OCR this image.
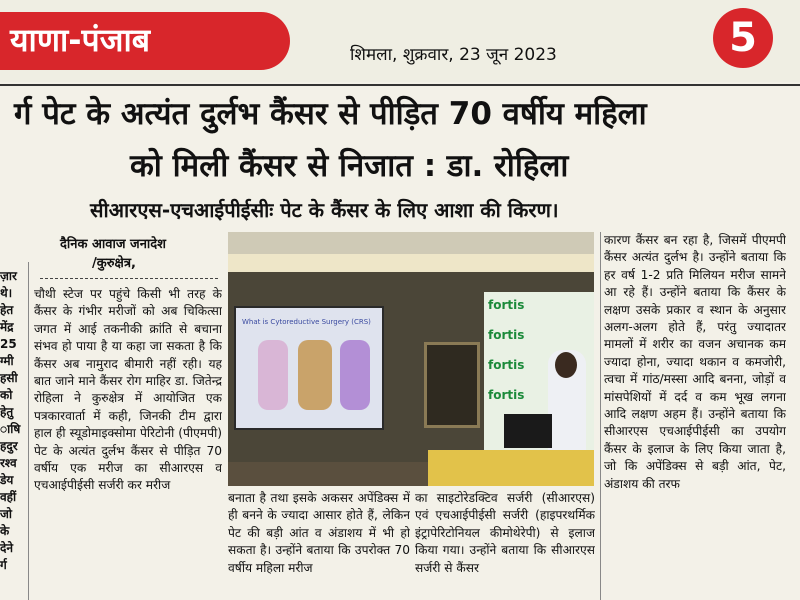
याणा-पंजाब	शिमला, शुक्रवार, 23 जून 2023	5
र्ग पेट के अत्यंत दुर्लभ कैंसर से पीड़ित 70 वर्षीय महिला
को मिली कैंसर से निजात : डा. रोहिला
सीआरएस-एचआईपीईसीः पेट के कैंसर के लिए आशा की किरण।
ज़ार
थे।
हेत
मेंद्र
25
ग्मी
हसी
को
हेतु
ाषि
हदुर
रश्व
डेय
वहीं
जो
के
देने
र्ग
दैनिक आवाज जनादेश
/कुरुक्षेत्र,
चौथी स्टेज पर पहुंचे किसी भी तरह के कैंसर के गंभीर मरीजों को अब चिकित्सा जगत में आई तकनीकी क्रांति से बचाना संभव हो पाया है या कहा जा सकता है कि कैंसर अब नामुराद बीमारी नहीं रही। यह बात जाने माने कैंसर रोग माहिर डा. जितेन्द्र रोहिला ने कुरुक्षेत्र में आयोजित एक पत्रकारवार्ता में कही, जिनकी टीम द्वारा हाल ही स्यूडोमाइक्सोमा पेरिटोनी (पीएमपी) पेट के अत्यंत दुर्लभ कैंसर से पीड़ित 70 वर्षीय एक मरीज का सीआरएस व एचआईपीईसी सर्जरी कर मरीज
What is Cytoreductive Surgery (CRS)
fortis
fortis
fortis
fortis
बनाता है तथा इसके अकसर अपेंडिक्स में ही बनने के ज्यादा आसार होते हैं, लेकिन पेट की बड़ी आंत व अंडाशय में भी हो सकता है। उन्होंने बताया कि उपरोक्त 70 वर्षीय महिला मरीज
का साइटोरेडक्टिव सर्जरी (सीआरएस) एवं एचआईपीईसी सर्जरी (हाइपरथर्मिक इंट्रापेरिटोनियल कीमोथेरेपी) से इलाज किया गया। उन्होंने बताया कि सीआरएस सर्जरी से कैंसर
कारण कैंसर बन रहा है, जिसमें पीएमपी कैंसर अत्यंत दुर्लभ है। उन्होंने बताया कि हर वर्ष 1-2 प्रति मिलियन मरीज सामने आ रहे हैं। उन्होंने बताया कि कैंसर के लक्षण उसके प्रकार व स्थान के अनुसार अलग-अलग होते हैं, परंतु ज्यादातर मामलों में शरीर का वजन अचानक कम ज्यादा होना, ज्यादा थकान व कमजोरी, त्वचा में गांठ/मस्सा आदि बनना, जोड़ों व मांसपेशियों में दर्द व कम भूख लगना आदि लक्षण अहम हैं। उन्होंने बताया कि सीआरएस एचआईपीईसी का उपयोग कैंसर के इलाज के लिए किया जाता है, जो कि अपेंडिक्स से बड़ी आंत, पेट, अंडाशय की तरफ
